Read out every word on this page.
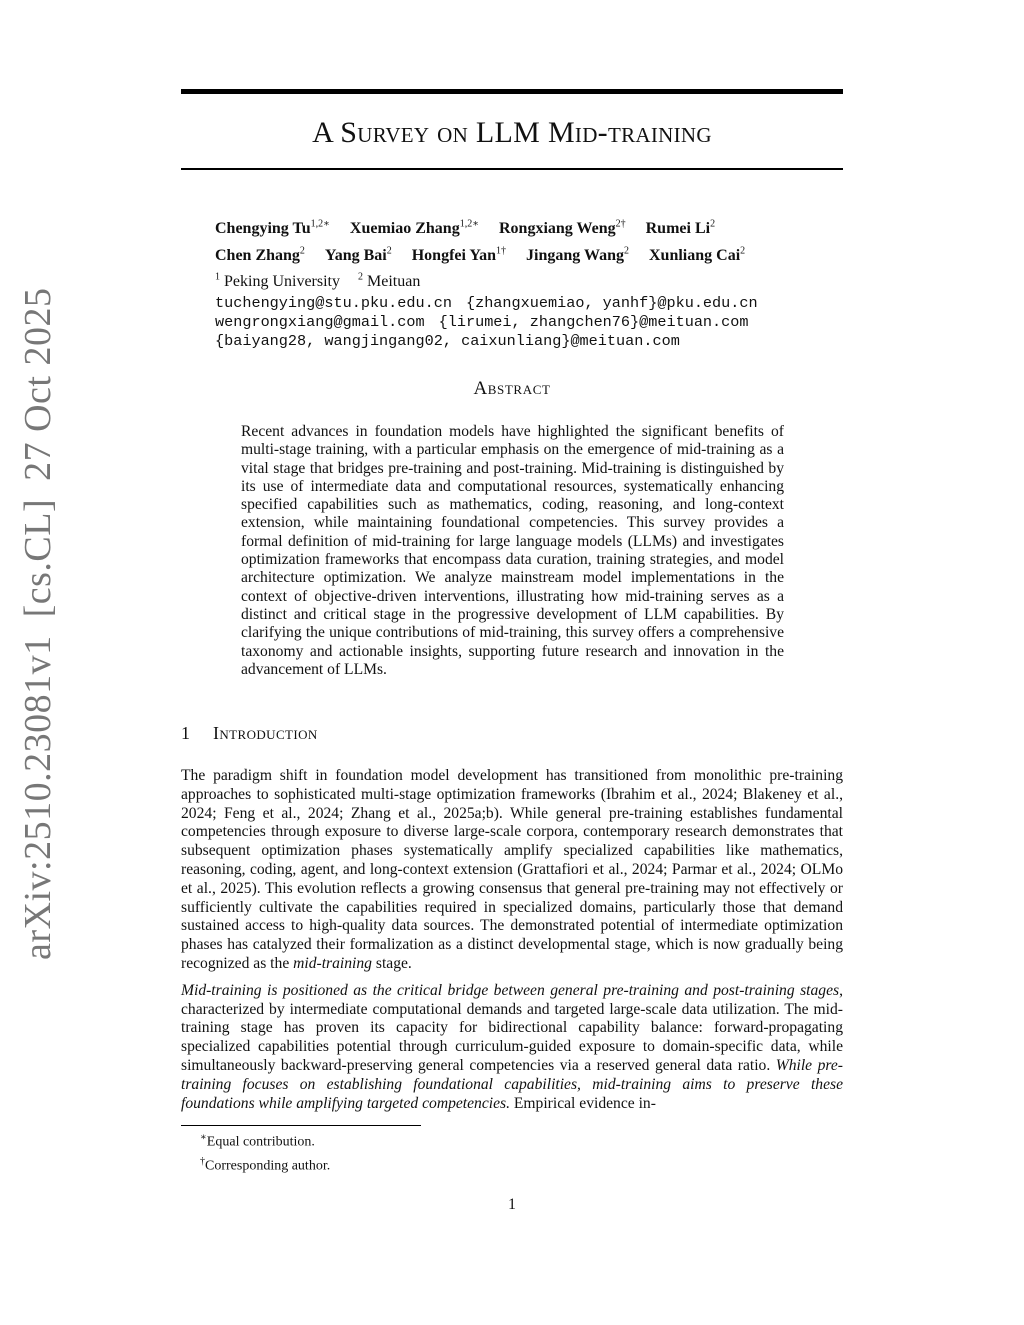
arXiv:2510.23081v1[cs.CL]27 Oct 2025
A Survey on LLM Mid-training
Chengying $Tu^{1,2∗}$ Xuemiao Zhang$^{1,2∗}$ Rongxiang Weng$^{2\dagger}$ Rumei Li$^2$
Chen Zhang$^2$ Yang Bai$^2$ Hongfei Yan$^{1\dagger}$ Jingang Wang$^2$ Xunliang Cai$^2$
$^1$ Peking University $^2$ Meituan
tuchengying@stu.pku.edu.cn {zhangxuemiao, yanhf}@pku.edu.cn
wengrongxiang@gmail.com {lirumei, zhangchen76}@meituan.com
{baiyang28, wangjingang02, caixunliang}@meituan.com
Abstract
Recent advances in foundation models have highlighted the significant benefits of multi-stage training, with a particular emphasis on the emergence of mid-training as a vital stage that bridges pre-training and post-training. Mid-training is distinguished by its use of intermediate data and computational resources, systematically enhancing specified capabilities such as mathematics, coding, reasoning, and long-context extension, while maintaining foundational competencies. This survey provides a formal definition of mid-training for large language models (LLMs) and investigates optimization frameworks that encompass data curation, training strategies, and model architecture optimization. We analyze mainstream model implementations in the context of objective-driven interventions, illustrating how mid-training serves as a distinct and critical stage in the progressive development of LLM capabilities. By clarifying the unique contributions of mid-training, this survey offers a comprehensive taxonomy and actionable insights, supporting future research and innovation in the advancement of LLMs.
1 Introduction

The paradigm shift in foundation model development has transitioned from monolithic pre-training approaches to sophisticated multi-stage optimization frameworks (Ibrahim et al., 2024; Blakeney et al., 2024; Feng et al., 2024; Zhang et al., 2025a;b). While general pre-training establishes fundamental competencies through exposure to diverse large-scale corpora, contemporary research demonstrates that subsequent optimization phases systematically amplify specialized capabilities like mathematics, reasoning, coding, agent, and long-context extension (Grattafiori et al., 2024; Parmar et al., 2024; OLMo et al., 2025). This evolution reflects a growing consensus that general pre-training may not effectively or sufficiently cultivate the capabilities required in specialized domains, particularly those that demand sustained access to high-quality data sources. The demonstrated potential of intermediate optimization phases has catalyzed their formalization as a distinct developmental stage, which is now gradually being recognized as the mid-training stage.

Mid-training is positioned as the critical bridge between general pre-training and post-training stages, characterized by intermediate computational demands and targeted large-scale data utilization. The mid-training stage has proven its capacity for bidirectional capability balance: forward-propagating specialized capabilities potential through curriculum-guided exposure to domain-specific data, while simultaneously backward-preserving general competencies via a reserved general data ratio. While pre-training focuses on establishing foundational capabilities, mid-training aims to preserve these foundations while amplifying targeted competencies. Empirical evidence in-

∗Equal contribution.
†Corresponding author.
1
